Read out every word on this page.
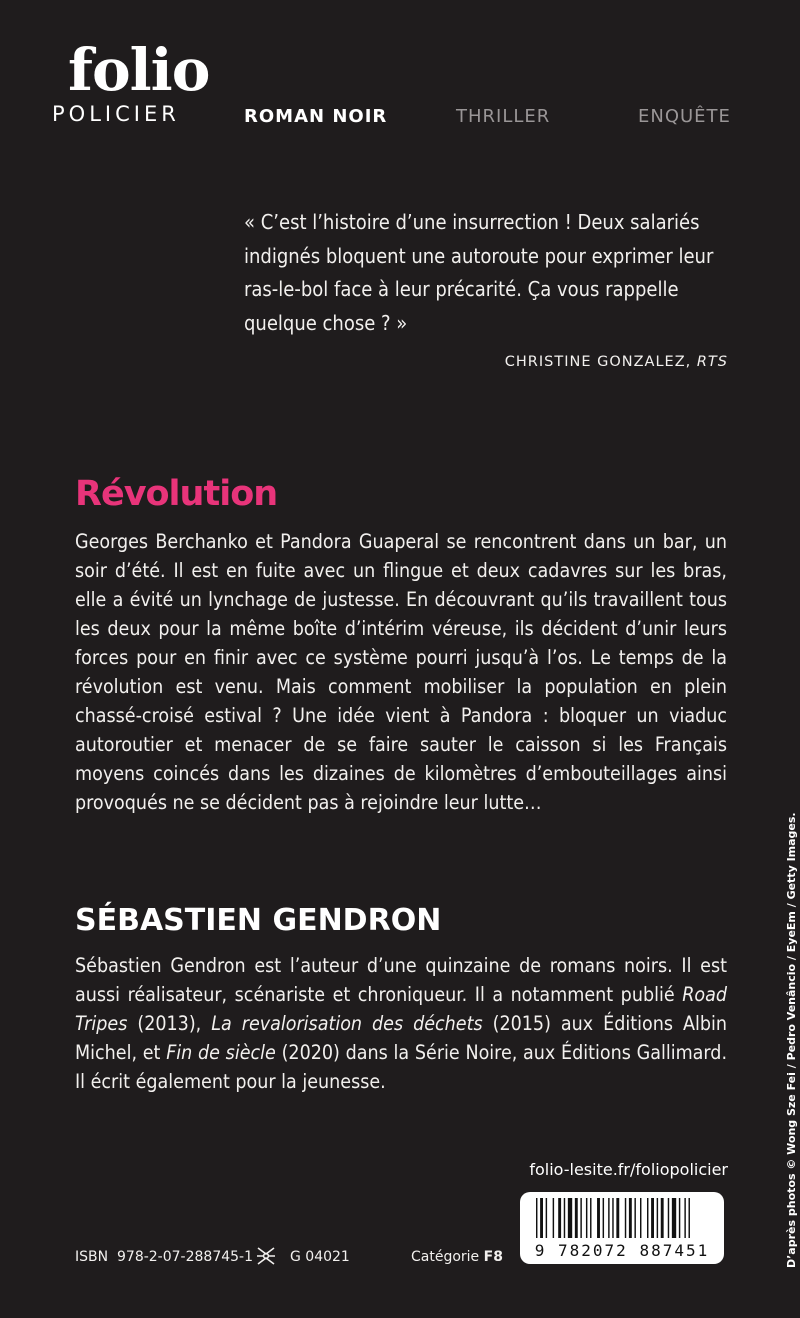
folio
POLICIER	ROMAN NOIR	THRILLER	ENQUÊTE
« C’est l’histoire d’une insurrection ! Deux salariés indignés bloquent une autoroute pour exprimer leur ras-le-bol face à leur précarité. Ça vous rappelle quelque chose ? »
CHRISTINE GONZALEZ, RTS
Révolution
Georges Berchanko et Pandora Guaperal se rencontrent dans un bar, un soir d’été. Il est en fuite avec un flingue et deux cadavres sur les bras, elle a évité un lynchage de justesse. En découvrant qu’ils travaillent tous les deux pour la même boîte d’intérim véreuse, ils décident d’unir leurs forces pour en finir avec ce système pourri jusqu’à l’os. Le temps de la révolution est venu. Mais comment mobiliser la population en plein chassé-croisé estival ? Une idée vient à Pandora : bloquer un viaduc autoroutier et menacer de se faire sauter le caisson si les Français moyens coincés dans les dizaines de kilomètres d’embouteillages ainsi provoqués ne se décident pas à rejoindre leur lutte…
SÉBASTIEN GENDRON
Sébastien Gendron est l’auteur d’une quinzaine de romans noirs. Il est aussi réalisateur, scénariste et chroniqueur. Il a notamment publié Road Tripes (2013), La revalorisation des déchets (2015) aux Éditions Albin Michel, et Fin de siècle (2020) dans la Série Noire, aux Éditions Gallimard. Il écrit également pour la jeunesse.
folio-lesite.fr/foliopolicier
ISBN 978-2-07-288745-1	G 04021	Catégorie F8	9 782072 887451	D’après photos © Wong Sze Fei / Pedro Venâncio / EyeEm / Getty Images.
